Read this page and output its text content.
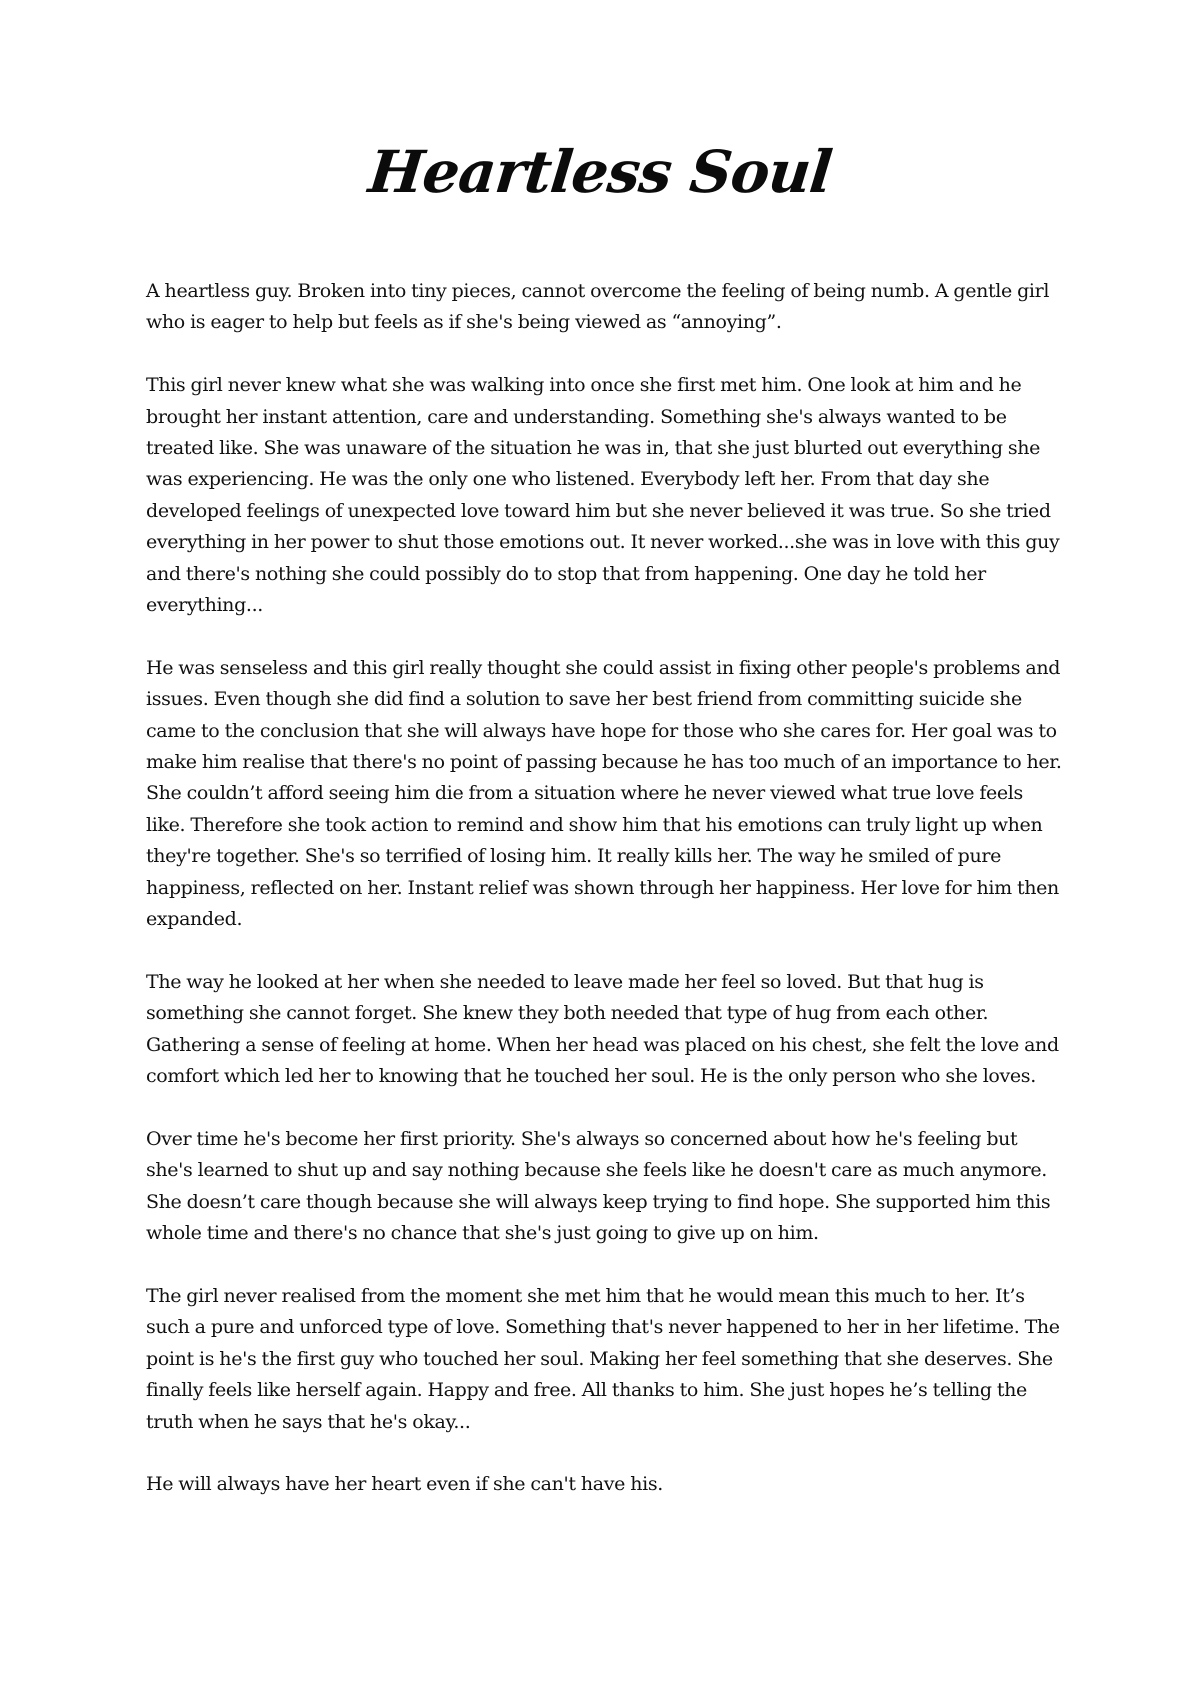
Heartless Soul

A heartless guy. Broken into tiny pieces, cannot overcome the feeling of being numb. A gentle girl who is eager to help but feels as if she's being viewed as “annoying”.

This girl never knew what she was walking into once she first met him. One look at him and he brought her instant attention, care and understanding. Something she's always wanted to be treated like. She was unaware of the situation he was in, that she just blurted out everything she was experiencing. He was the only one who listened. Everybody left her. From that day she developed feelings of unexpected love toward him but she never believed it was true. So she tried everything in her power to shut those emotions out. It never worked...she was in love with this guy and there's nothing she could possibly do to stop that from happening. One day he told her everything...

He was senseless and this girl really thought she could assist in fixing other people's problems and issues. Even though she did find a solution to save her best friend from committing suicide she came to the conclusion that she will always have hope for those who she cares for. Her goal was to make him realise that there's no point of passing because he has too much of an importance to her. She couldn’t afford seeing him die from a situation where he never viewed what true love feels like. Therefore she took action to remind and show him that his emotions can truly light up when they're together. She's so terrified of losing him. It really kills her. The way he smiled of pure happiness, reflected on her. Instant relief was shown through her happiness. Her love for him then expanded.

The way he looked at her when she needed to leave made her feel so loved. But that hug is something she cannot forget. She knew they both needed that type of hug from each other. Gathering a sense of feeling at home. When her head was placed on his chest, she felt the love and comfort which led her to knowing that he touched her soul. He is the only person who she loves.

Over time he's become her first priority. She's always so concerned about how he's feeling but she's learned to shut up and say nothing because she feels like he doesn't care as much anymore. She doesn’t care though because she will always keep trying to find hope. She supported him this whole time and there's no chance that she's just going to give up on him.

The girl never realised from the moment she met him that he would mean this much to her. It’s such a pure and unforced type of love. Something that's never happened to her in her lifetime. The point is he's the first guy who touched her soul. Making her feel something that she deserves. She finally feels like herself again. Happy and free. All thanks to him. She just hopes he’s telling the truth when he says that he's okay...

He will always have her heart even if she can't have his.
